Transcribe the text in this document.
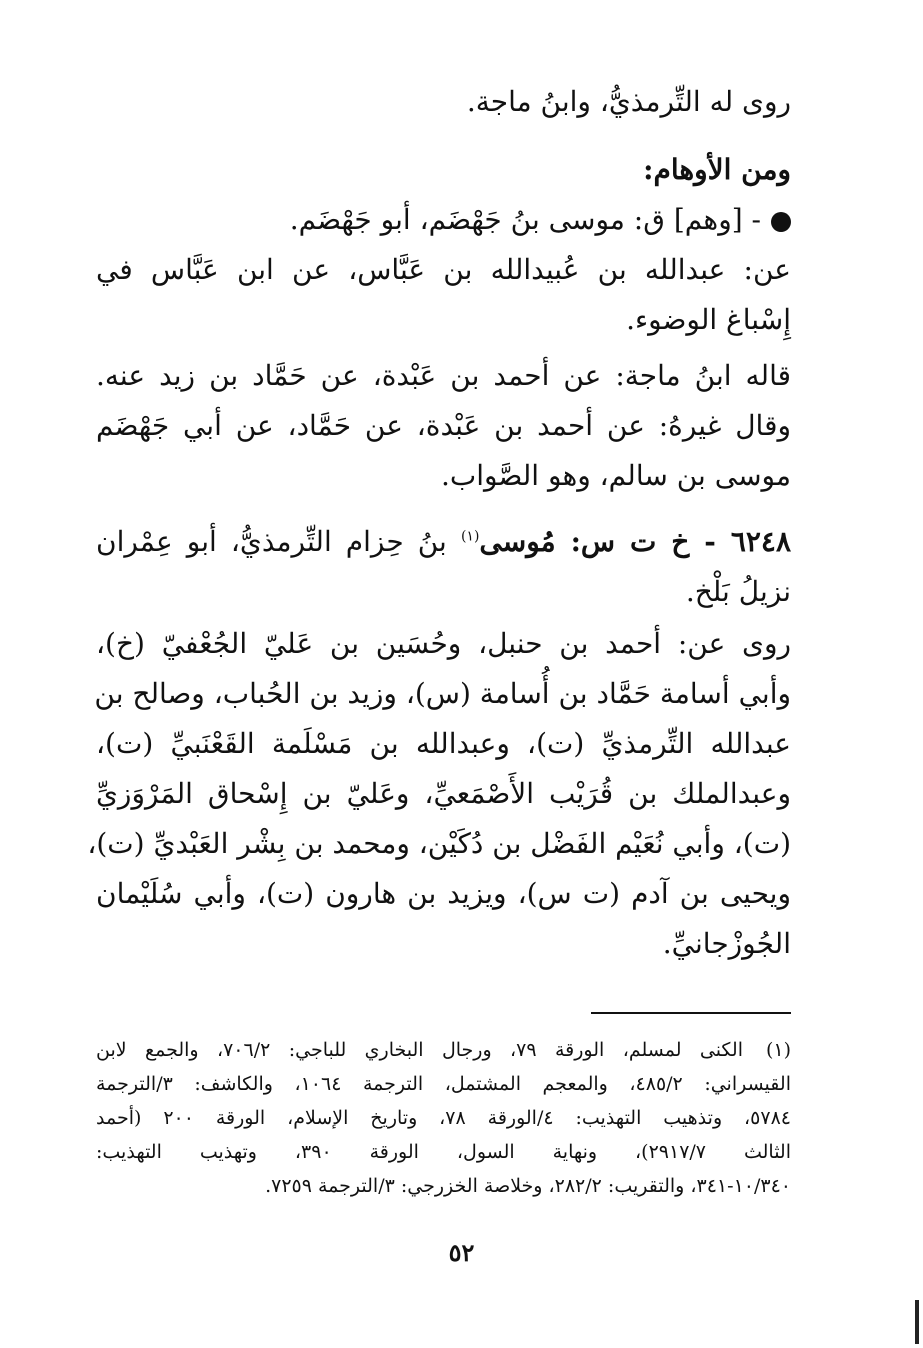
روى له التِّرمذيُّ، وابنُ ماجة.
ومن الأوهام:
- [وهم] ق: موسى بنُ جَهْضَم، أبو جَهْضَم.
عن: عبدالله بن عُبيدالله بن عَبَّاس، عن ابن عَبَّاس في
إِسْباغ الوضوء.
قاله ابنُ ماجة: عن أحمد بن عَبْدة، عن حَمَّاد بن زيد عنه.
وقال غيرهُ: عن أحمد بن عَبْدة، عن حَمَّاد، عن أبي جَهْضَم
موسى بن سالم، وهو الصَّواب.
٦٢٤٨ - خ ت س: مُوسى$^{(١)}$ بنُ حِزام التِّرمذيُّ، أبو عِمْران
نزيلُ بَلْخ.
روى عن: أحمد بن حنبل، وحُسَين بن عَليّ الجُعْفيّ (خ)،
وأبي أسامة حَمَّاد بن أُسامة (س)، وزيد بن الحُباب، وصالح بن
عبدالله التِّرمذيِّ (ت)، وعبدالله بن مَسْلَمة القَعْنَبيِّ (ت)،
وعبدالملك بن قُرَيْب الأَصْمَعيِّ، وعَليّ بن إِسْحاق المَرْوَزيِّ
(ت)، وأبي نُعَيْم الفَضْل بن دُكَيْن، ومحمد بن بِشْر العَبْديِّ (ت)،
ويحيى بن آدم (ت س)، ويزيد بن هارون (ت)، وأبي سُلَيْمان
الجُوزْجانيِّ.
(١)
الكنى لمسلم، الورقة ٧٩، ورجال البخاري للباجي: ٧٠٦/٢، والجمع لابن
القيسراني: ٤٨٥/٢، والمعجم المشتمل، الترجمة ١٠٦٤، والكاشف: ٣/الترجمة
٥٧٨٤، وتذهيب التهذيب: ٤/الورقة ٧٨، وتاريخ الإسلام، الورقة ٢٠٠ (أحمد
الثالث ٢٩١٧/٧)، ونهاية السول، الورقة ٣٩٠، وتهذيب التهذيب:
١٠/٣٤٠-٣٤١، والتقريب: ٢٨٢/٢، وخلاصة الخزرجي: ٣/الترجمة ٧٢٥٩.
٥٢
